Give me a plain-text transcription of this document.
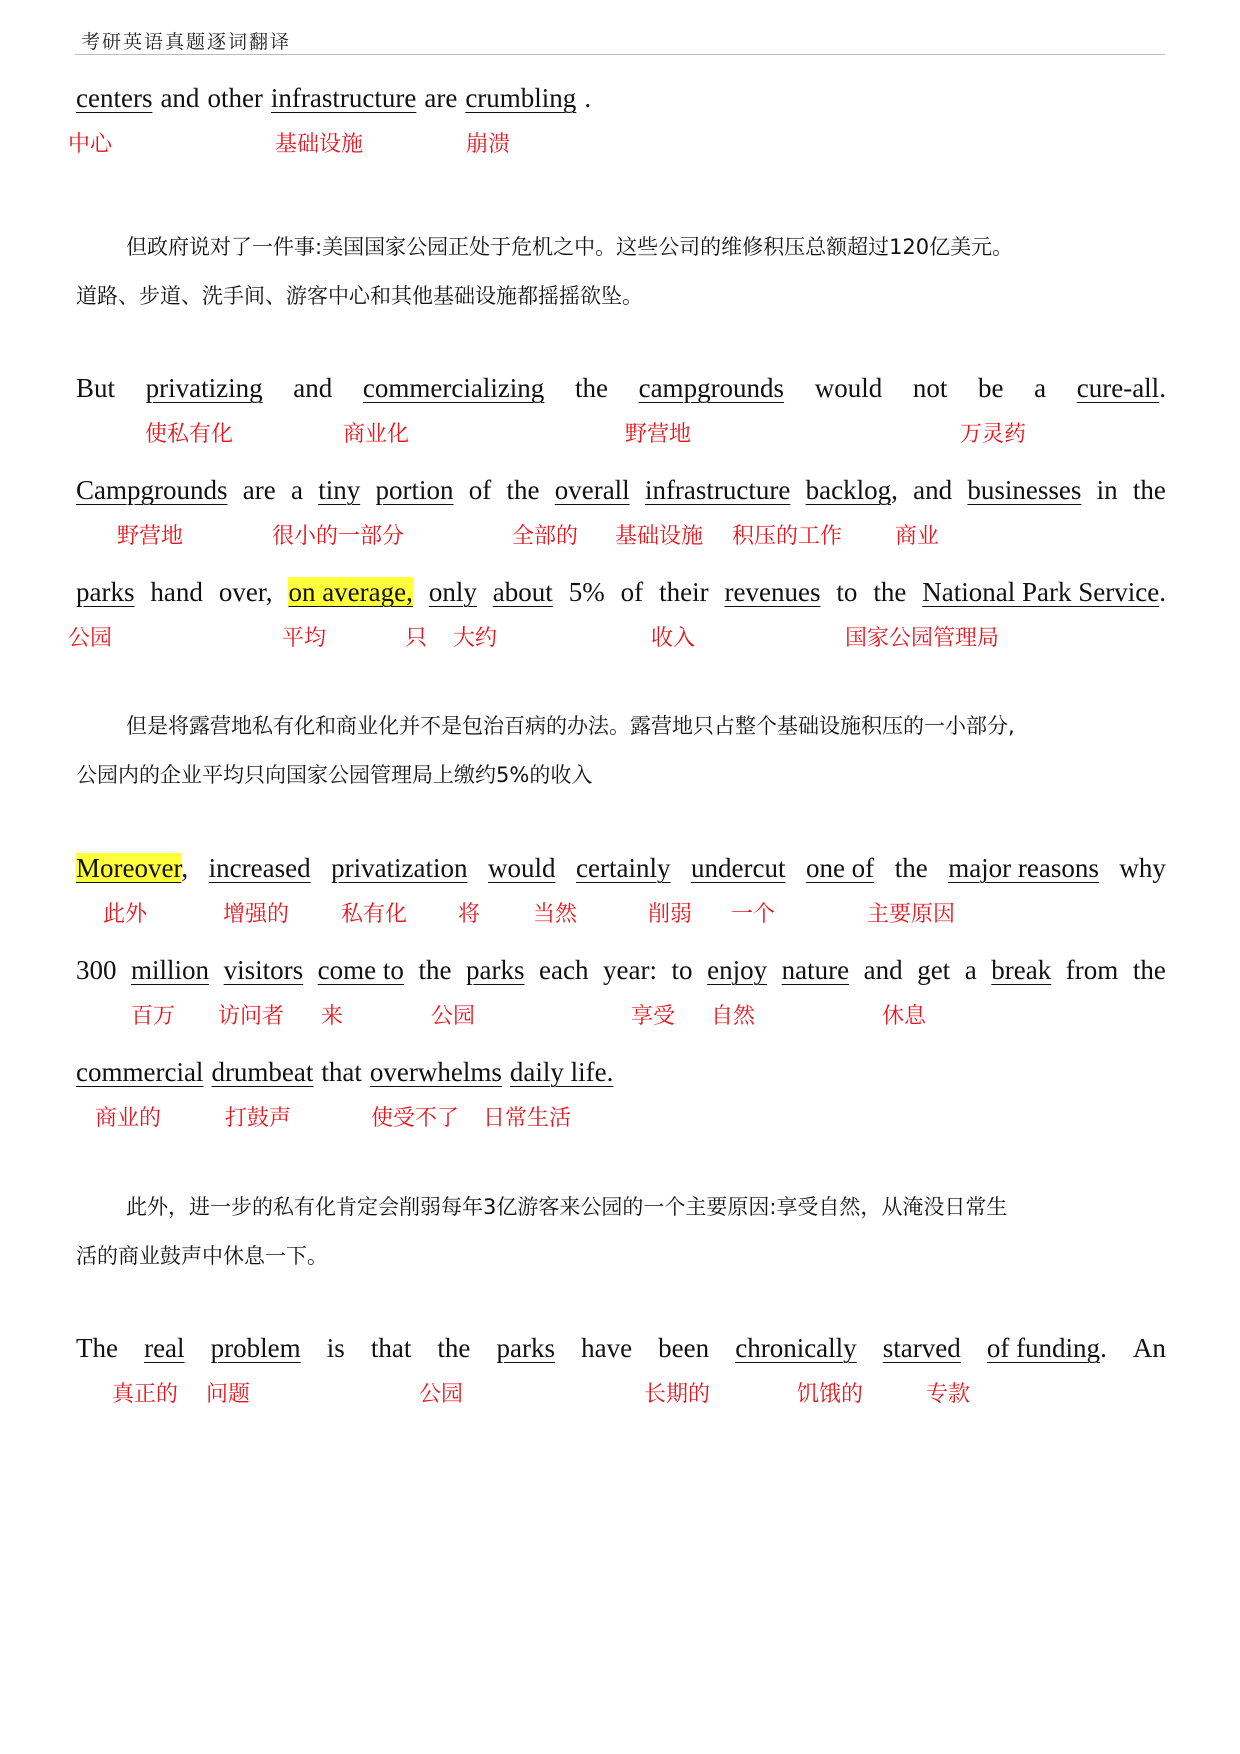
考研英语真题逐词翻译
centers and other infrastructure are crumbling .
中心	基础设施	崩溃

但政府说对了一件事:美国国家公园正处于危机之中。这些公司的维修积压总额超过120亿美元。

道路、步道、洗手间、游客中心和其他基础设施都摇摇欲坠。

But privatizing and commercializing the campgrounds would not be a cure-all.
使私有化	商业化	野营地	万灵药
Campgrounds are a tiny portion of the overall infrastructure backlog, and businesses in the
野营地	很小的一部分	全部的 基础设施 积压的工作 商业
parks hand over, on average, only about 5% of their revenues to the National Park Service.
公园	平均	只 大约	收入	国家公园管理局

但是将露营地私有化和商业化并不是包治百病的办法。露营地只占整个基础设施积压的一小部分,

公园内的企业平均只向国家公园管理局上缴约5%的收入

Moreover, increased privatization would certainly undercut one of the major reasons why
此外	增强的 私有化 将 当然	削弱 一个	主要原因
300 million visitors come to the parks each year: to enjoy nature and get a break from the
百万 访问者 来	公园	享受 自然	休息
commercial drumbeat that overwhelms daily life.
商业的	打鼓声	使受不了 日常生活

此外，进一步的私有化肯定会削弱每年3亿游客来公园的一个主要原因:享受自然，从淹没日常生

活的商业鼓声中休息一下。

The real problem is that the parks have been chronically starved of funding. An
真正的 问题	公园	长期的	饥饿的	专款
